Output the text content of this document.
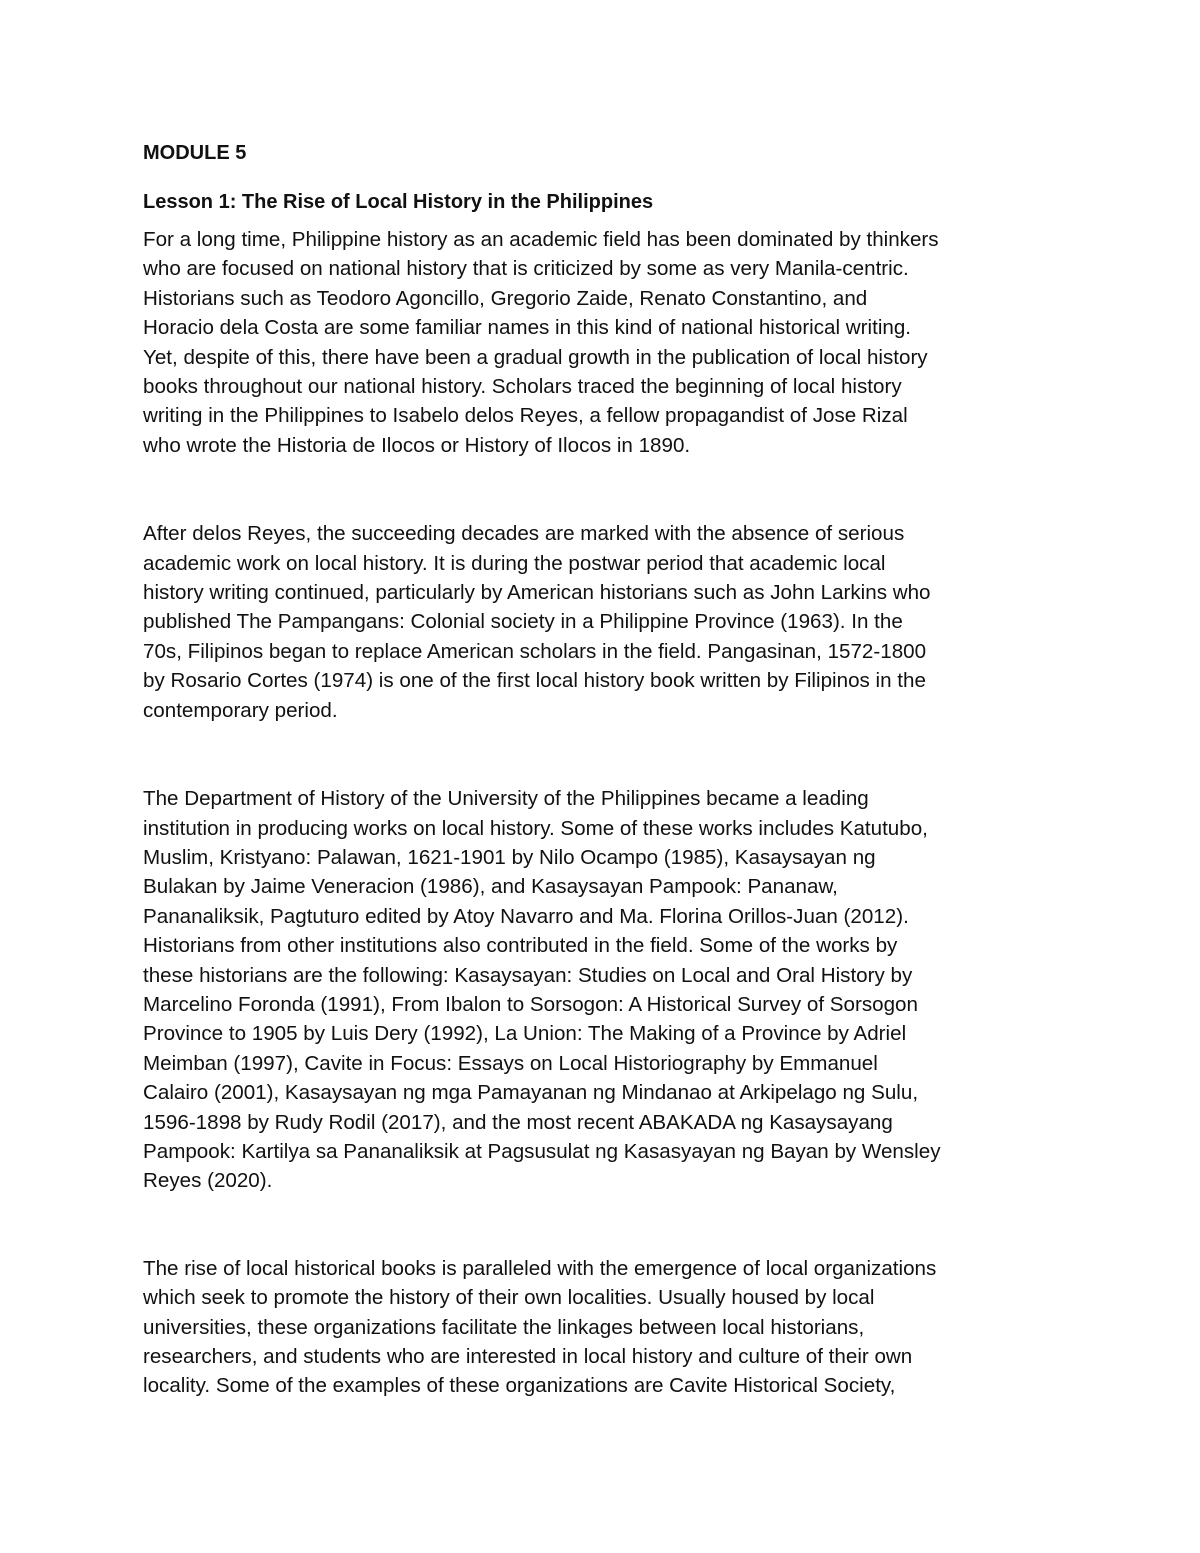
MODULE 5
Lesson 1: The Rise of Local History in the Philippines

For a long time, Philippine history as an academic field has been dominated by thinkers
who are focused on national history that is criticized by some as very Manila-centric.
Historians such as Teodoro Agoncillo, Gregorio Zaide, Renato Constantino, and
Horacio dela Costa are some familiar names in this kind of national historical writing.
Yet, despite of this, there have been a gradual growth in the publication of local history
books throughout our national history. Scholars traced the beginning of local history
writing in the Philippines to Isabelo delos Reyes, a fellow propagandist of Jose Rizal
who wrote the Historia de Ilocos or History of Ilocos in 1890.

After delos Reyes, the succeeding decades are marked with the absence of serious
academic work on local history. It is during the postwar period that academic local
history writing continued, particularly by American historians such as John Larkins who
published The Pampangans: Colonial society in a Philippine Province (1963). In the
70s, Filipinos began to replace American scholars in the field. Pangasinan, 1572-1800
by Rosario Cortes (1974) is one of the first local history book written by Filipinos in the
contemporary period.

The Department of History of the University of the Philippines became a leading
institution in producing works on local history. Some of these works includes Katutubo,
Muslim, Kristyano: Palawan, 1621-1901 by Nilo Ocampo (1985), Kasaysayan ng
Bulakan by Jaime Veneracion (1986), and Kasaysayan Pampook: Pananaw,
Pananaliksik, Pagtuturo edited by Atoy Navarro and Ma. Florina Orillos-Juan (2012).
Historians from other institutions also contributed in the field. Some of the works by
these historians are the following: Kasaysayan: Studies on Local and Oral History by
Marcelino Foronda (1991), From Ibalon to Sorsogon: A Historical Survey of Sorsogon
Province to 1905 by Luis Dery (1992), La Union: The Making of a Province by Adriel
Meimban (1997), Cavite in Focus: Essays on Local Historiography by Emmanuel
Calairo (2001), Kasaysayan ng mga Pamayanan ng Mindanao at Arkipelago ng Sulu,
1596-1898 by Rudy Rodil (2017), and the most recent ABAKADA ng Kasaysayang
Pampook: Kartilya sa Pananaliksik at Pagsusulat ng Kasasyayan ng Bayan by Wensley
Reyes (2020).

The rise of local historical books is paralleled with the emergence of local organizations
which seek to promote the history of their own localities. Usually housed by local
universities, these organizations facilitate the linkages between local historians,
researchers, and students who are interested in local history and culture of their own
locality. Some of the examples of these organizations are Cavite Historical Society,
